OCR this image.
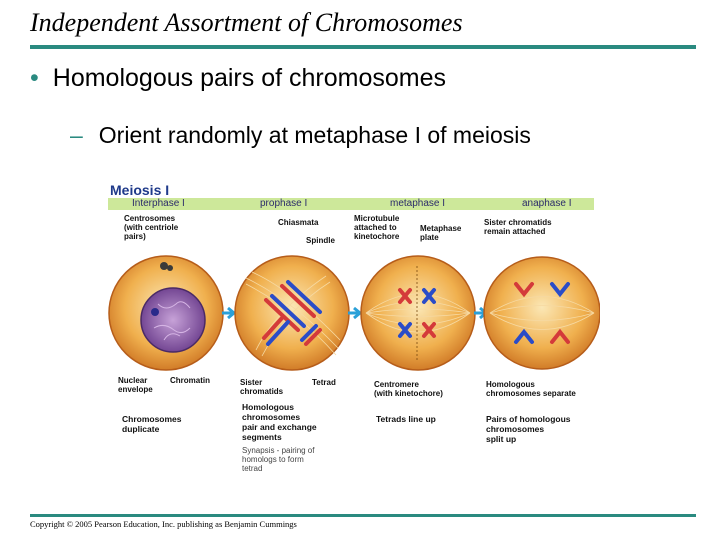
Independent Assortment of Chromosomes
• Homologous pairs of chromosomes
– Orient randomly at metaphase I of meiosis
Meiosis I
Interphase I	prophase I	metaphase I	anaphase I
Centrosomes
(with centriole
pairs)
Chiasmata
Spindle
Microtubule
attached to
kinetochore
Metaphase
plate
Sister chromatids
remain attached
Nuclear
envelope
Chromatin	Sister
chromatids
Tetrad	Centromere
(with kinetochore)
Homologous
chromosomes separate
Chromosomes
duplicate
Homologous
chromosomes
pair and exchange
segments
Tetrads line up	Pairs of homologous
chromosomes
split up
Synapsis - pairing of
homologs to form
tetrad
Copyright © 2005 Pearson Education, Inc. publishing as Benjamin Cummings
